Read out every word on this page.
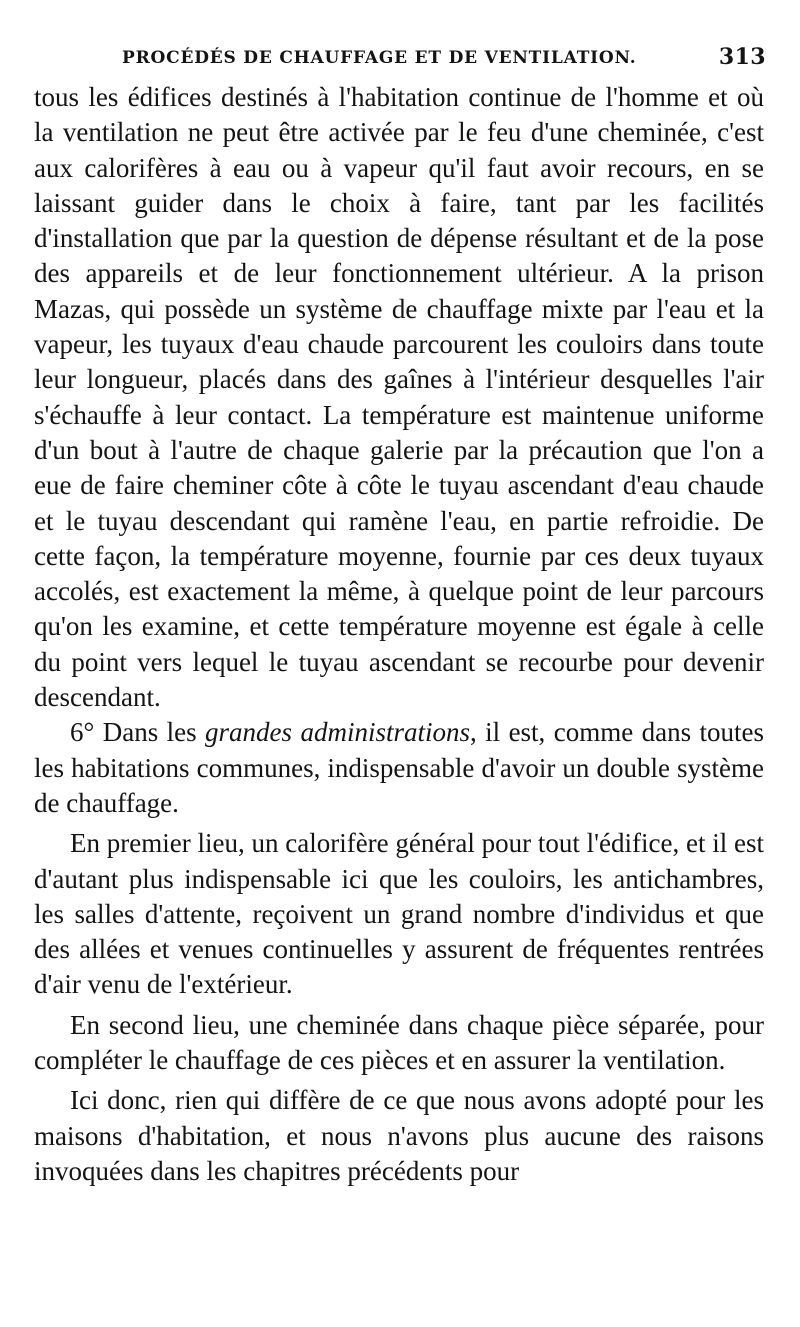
PROCÉDÉS DE CHAUFFAGE ET DE VENTILATION.	313

tous les édifices destinés à l'habitation continue de l'homme et où la ventilation ne peut être activée par le feu d'une cheminée, c'est aux calorifères à eau ou à vapeur qu'il faut avoir recours, en se laissant guider dans le choix à faire, tant par les facilités d'installation que par la question de dépense résultant et de la pose des appareils et de leur fonctionnement ultérieur. A la prison Mazas, qui possède un système de chauffage mixte par l'eau et la vapeur, les tuyaux d'eau chaude parcourent les couloirs dans toute leur longueur, placés dans des gaînes à l'intérieur desquelles l'air s'échauffe à leur contact. La température est maintenue uniforme d'un bout à l'autre de chaque galerie par la précaution que l'on a eue de faire cheminer côte à côte le tuyau ascendant d'eau chaude et le tuyau descendant qui ramène l'eau, en partie refroidie. De cette façon, la température moyenne, fournie par ces deux tuyaux accolés, est exactement la même, à quelque point de leur parcours qu'on les examine, et cette température moyenne est égale à celle du point vers lequel le tuyau ascendant se recourbe pour devenir descendant.

6° Dans les grandes administrations, il est, comme dans toutes les habitations communes, indispensable d'avoir un double système de chauffage.

En premier lieu, un calorifère général pour tout l'édifice, et il est d'autant plus indispensable ici que les couloirs, les antichambres, les salles d'attente, reçoivent un grand nombre d'individus et que des allées et venues continuelles y assurent de fréquentes rentrées d'air venu de l'extérieur.

En second lieu, une cheminée dans chaque pièce séparée, pour compléter le chauffage de ces pièces et en assurer la ventilation.

Ici donc, rien qui diffère de ce que nous avons adopté pour les maisons d'habitation, et nous n'avons plus aucune des raisons invoquées dans les chapitres précédents pour
